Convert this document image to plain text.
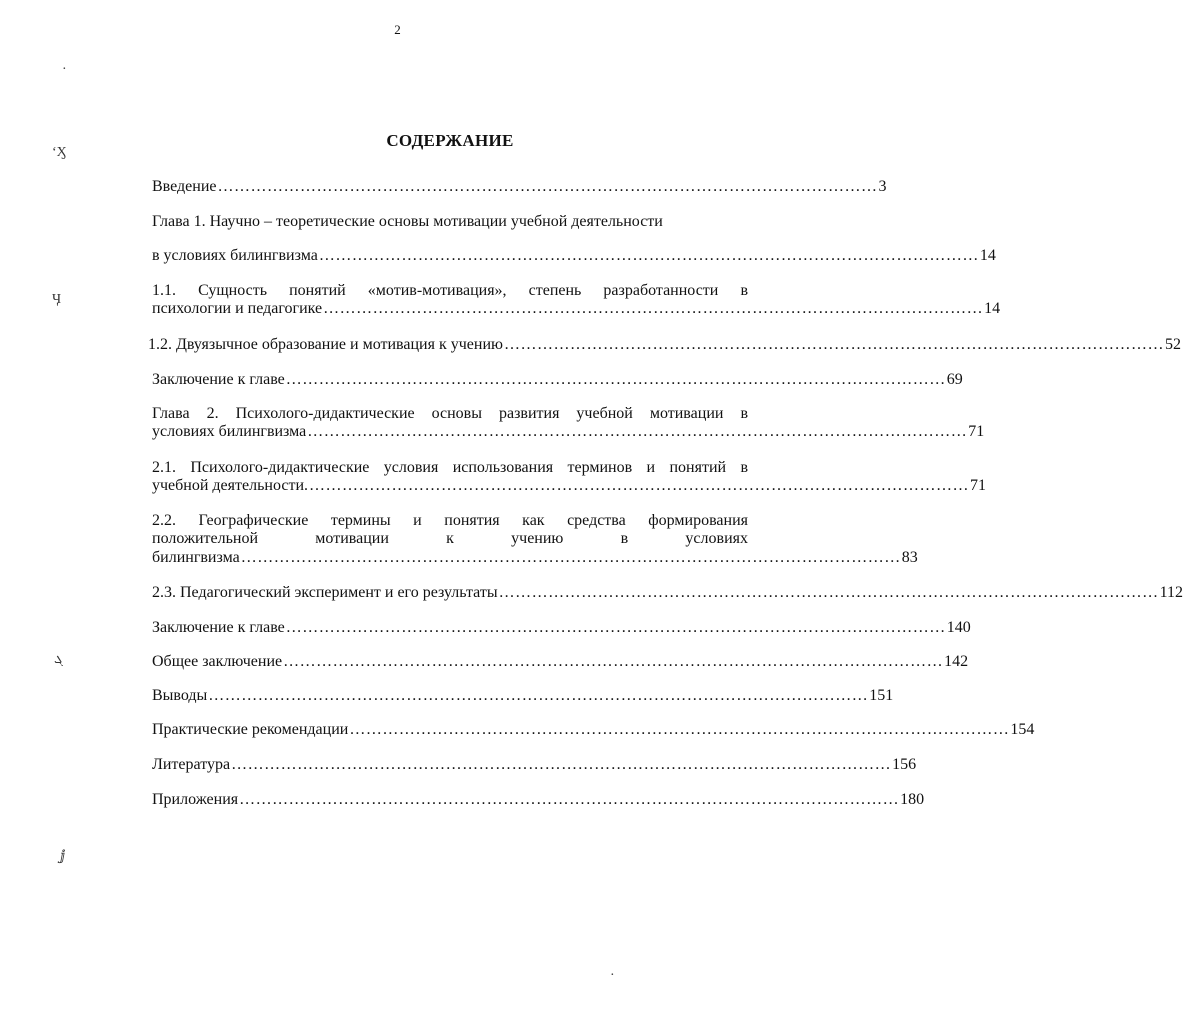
2
·
‘Ӽ
Ӌ
ܓ
ⅉ
·
СОДЕРЖАНИЕ
Введение ………………………………………………………………………………………………………… 3
Глава 1. Научно – теоретические основы мотивации учебной деятельности
в условиях билингвизма ………………………………………………………………………………………………………… 14
1.1. Сущность понятий «мотив-мотивация», степень разработанности в
психологии и педагогике ………………………………………………………………………………………………………… 14
1.2. Двуязычное образование и мотивация к учению ………………………………………………………………………………………………………… 52
Заключение к главе ………………………………………………………………………………………………………… 69
Глава 2. Психолого-дидактические основы развития учебной мотивации в
условиях билингвизма ………………………………………………………………………………………………………… 71
2.1. Психолого-дидактические условия использования терминов и понятий в
учебной деятельности. ………………………………………………………………………………………………………… 71
2.2. Географические термины и понятия как средства формирования
положительной мотивации к учению в условиях
билингвизма ………………………………………………………………………………………………………… 83
2.3. Педагогический эксперимент и его результаты ………………………………………………………………………………………………………… 112
Заключение к главе ………………………………………………………………………………………………………… 140
Общее заключение ………………………………………………………………………………………………………… 142
Выводы ………………………………………………………………………………………………………… 151
Практические рекомендации ………………………………………………………………………………………………………… 154
Литература ………………………………………………………………………………………………………… 156
Приложения ………………………………………………………………………………………………………… 180
